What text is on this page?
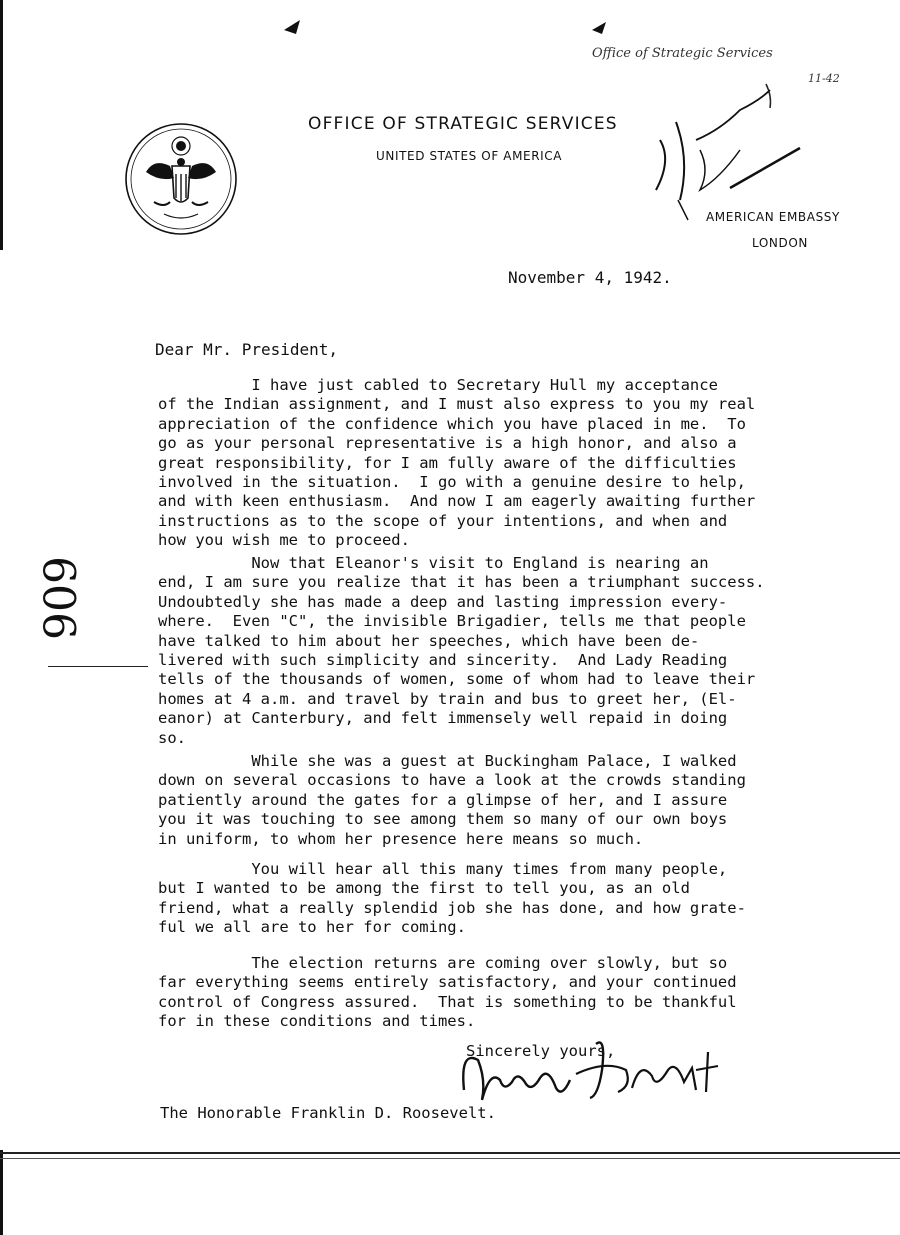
OFFICE OF STRATEGIC SERVICES
UNITED STATES OF AMERICA
AMERICAN EMBASSY
LONDON
Office of Strategic Services
11-42
909
November 4, 1942.
Dear Mr. President,
I have just cabled to Secretary Hull my acceptance
of the Indian assignment, and I must also express to you my real
appreciation of the confidence which you have placed in me.  To
go as your personal representative is a high honor, and also a
great responsibility, for I am fully aware of the difficulties
involved in the situation.  I go with a genuine desire to help,
and with keen enthusiasm.  And now I am eagerly awaiting further
instructions as to the scope of your intentions, and when and
how you wish me to proceed.
Now that Eleanor's visit to England is nearing an
end, I am sure you realize that it has been a triumphant success.
Undoubtedly she has made a deep and lasting impression every-
where.  Even "C", the invisible Brigadier, tells me that people
have talked to him about her speeches, which have been de-
livered with such simplicity and sincerity.  And Lady Reading
tells of the thousands of women, some of whom had to leave their
homes at 4 a.m. and travel by train and bus to greet her, (El-
eanor) at Canterbury, and felt immensely well repaid in doing
so.
While she was a guest at Buckingham Palace, I walked
down on several occasions to have a look at the crowds standing
patiently around the gates for a glimpse of her, and I assure
you it was touching to see among them so many of our own boys
in uniform, to whom her presence here means so much.
You will hear all this many times from many people,
but I wanted to be among the first to tell you, as an old
friend, what a really splendid job she has done, and how grate-
ful we all are to her for coming.
The election returns are coming over slowly, but so
far everything seems entirely satisfactory, and your continued
control of Congress assured.  That is something to be thankful
for in these conditions and times.
Sincerely yours,
The Honorable Franklin D. Roosevelt.
